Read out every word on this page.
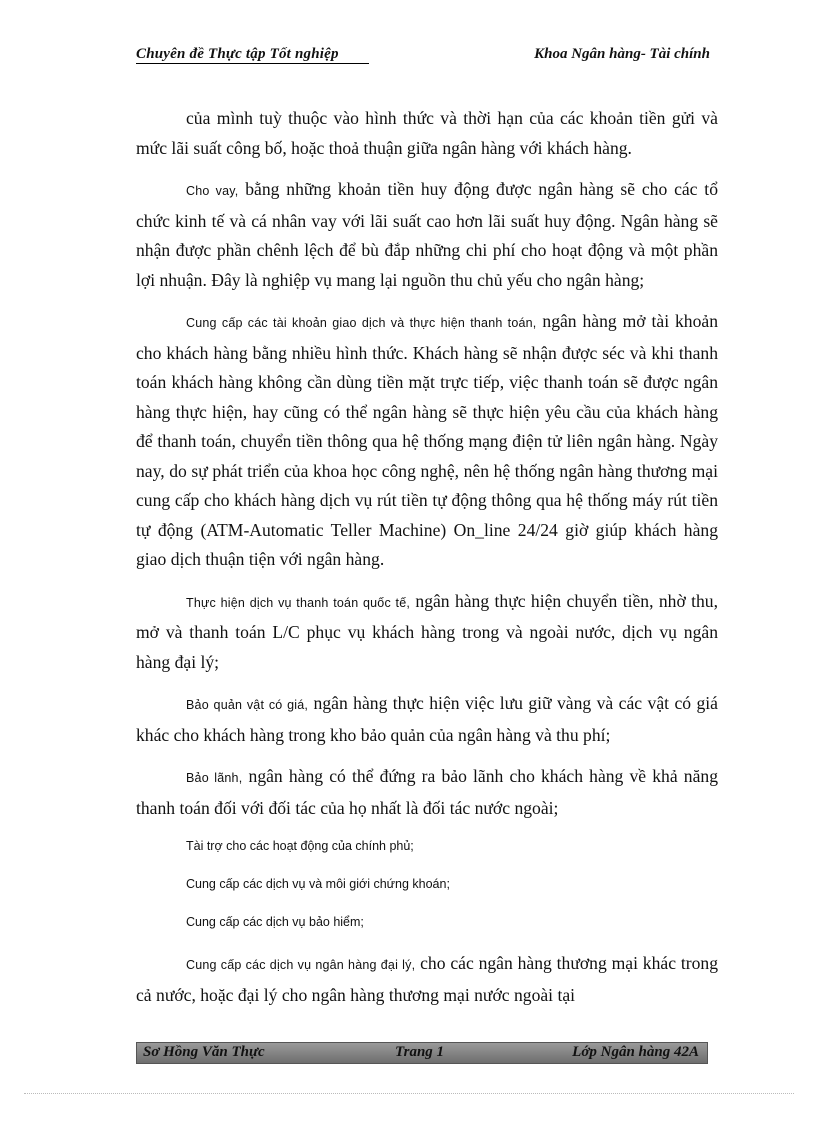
Chuyên đề Thực tập Tốt nghiệp	Khoa Ngân hàng- Tài chính

của mình tuỳ thuộc vào hình thức và thời hạn của các khoản tiền gửi và mức lãi suất công bố, hoặc thoả thuận giữa ngân hàng với khách hàng.

Cho vay, bằng những khoản tiền huy động được ngân hàng sẽ cho các tổ chức kinh tế và cá nhân vay với lãi suất cao hơn lãi suất huy động. Ngân hàng sẽ nhận được phần chênh lệch để bù đắp những chi phí cho hoạt động và một phần lợi nhuận. Đây là nghiệp vụ mang lại nguồn thu chủ yếu cho ngân hàng;

Cung cấp các tài khoản giao dịch và thực hiện thanh toán, ngân hàng mở tài khoản cho khách hàng bằng nhiều hình thức. Khách hàng sẽ nhận được séc và khi thanh toán khách hàng không cần dùng tiền mặt trực tiếp, việc thanh toán sẽ được ngân hàng thực hiện, hay cũng có thể ngân hàng sẽ thực hiện yêu cầu của khách hàng để thanh toán, chuyển tiền thông qua hệ thống mạng điện tử liên ngân hàng. Ngày nay, do sự phát triển của khoa học công nghệ, nên hệ thống ngân hàng thương mại cung cấp cho khách hàng dịch vụ rút tiền tự động thông qua hệ thống máy rút tiền tự động (ATM-Automatic Teller Machine) On_line 24/24 giờ giúp khách hàng giao dịch thuận tiện với ngân hàng.

Thực hiện dịch vụ thanh toán quốc tế, ngân hàng thực hiện chuyển tiền, nhờ thu, mở và thanh toán L/C phục vụ khách hàng trong và ngoài nước, dịch vụ ngân hàng đại lý;

Bảo quản vật có giá, ngân hàng thực hiện việc lưu giữ vàng và các vật có giá khác cho khách hàng trong kho bảo quản của ngân hàng và thu phí;

Bảo lãnh, ngân hàng có thể đứng ra bảo lãnh cho khách hàng về khả năng thanh toán đối với đối tác của họ nhất là đối tác nước ngoài;

Tài trợ cho các hoạt động của chính phủ;
Cung cấp các dịch vụ và môi giới chứng khoán;
Cung cấp các dịch vụ bảo hiểm;

Cung cấp các dịch vụ ngân hàng đại lý, cho các ngân hàng thương mại khác trong cả nước, hoặc đại lý cho ngân hàng thương mại nước ngoài tại

Sơ Hồng Văn Thực	Trang 1	Lớp Ngân hàng 42A
